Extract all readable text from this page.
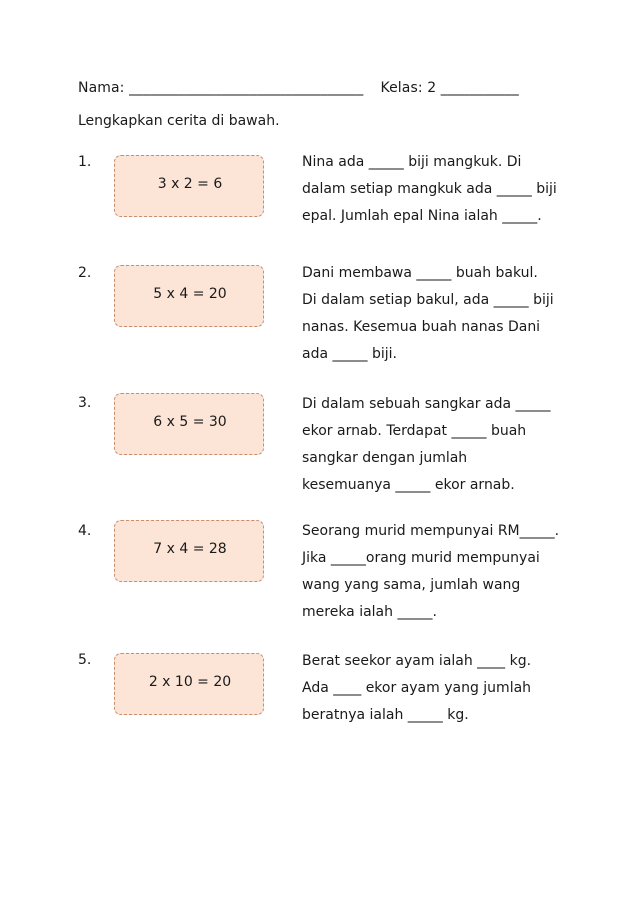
Nama: _________________________________ Kelas: 2 ___________
Lengkapkan cerita di bawah.
1.
3 x 2 = 6
Nina ada _____ biji mangkuk. Di
dalam setiap mangkuk ada _____ biji
epal. Jumlah epal Nina ialah _____.
2.
5 x 4 = 20
Dani membawa _____ buah bakul.
Di dalam setiap bakul, ada _____ biji
nanas. Kesemua buah nanas Dani
ada _____ biji.
3.
6 x 5 = 30
Di dalam sebuah sangkar ada _____
ekor arnab. Terdapat _____ buah
sangkar dengan jumlah
kesemuanya _____ ekor arnab.
4.
7 x 4 = 28
Seorang murid mempunyai RM_____.
Jika _____orang murid mempunyai
wang yang sama, jumlah wang
mereka ialah _____.
5.
2 x 10 = 20
Berat seekor ayam ialah ____ kg.
Ada ____ ekor ayam yang jumlah
beratnya ialah _____ kg.
